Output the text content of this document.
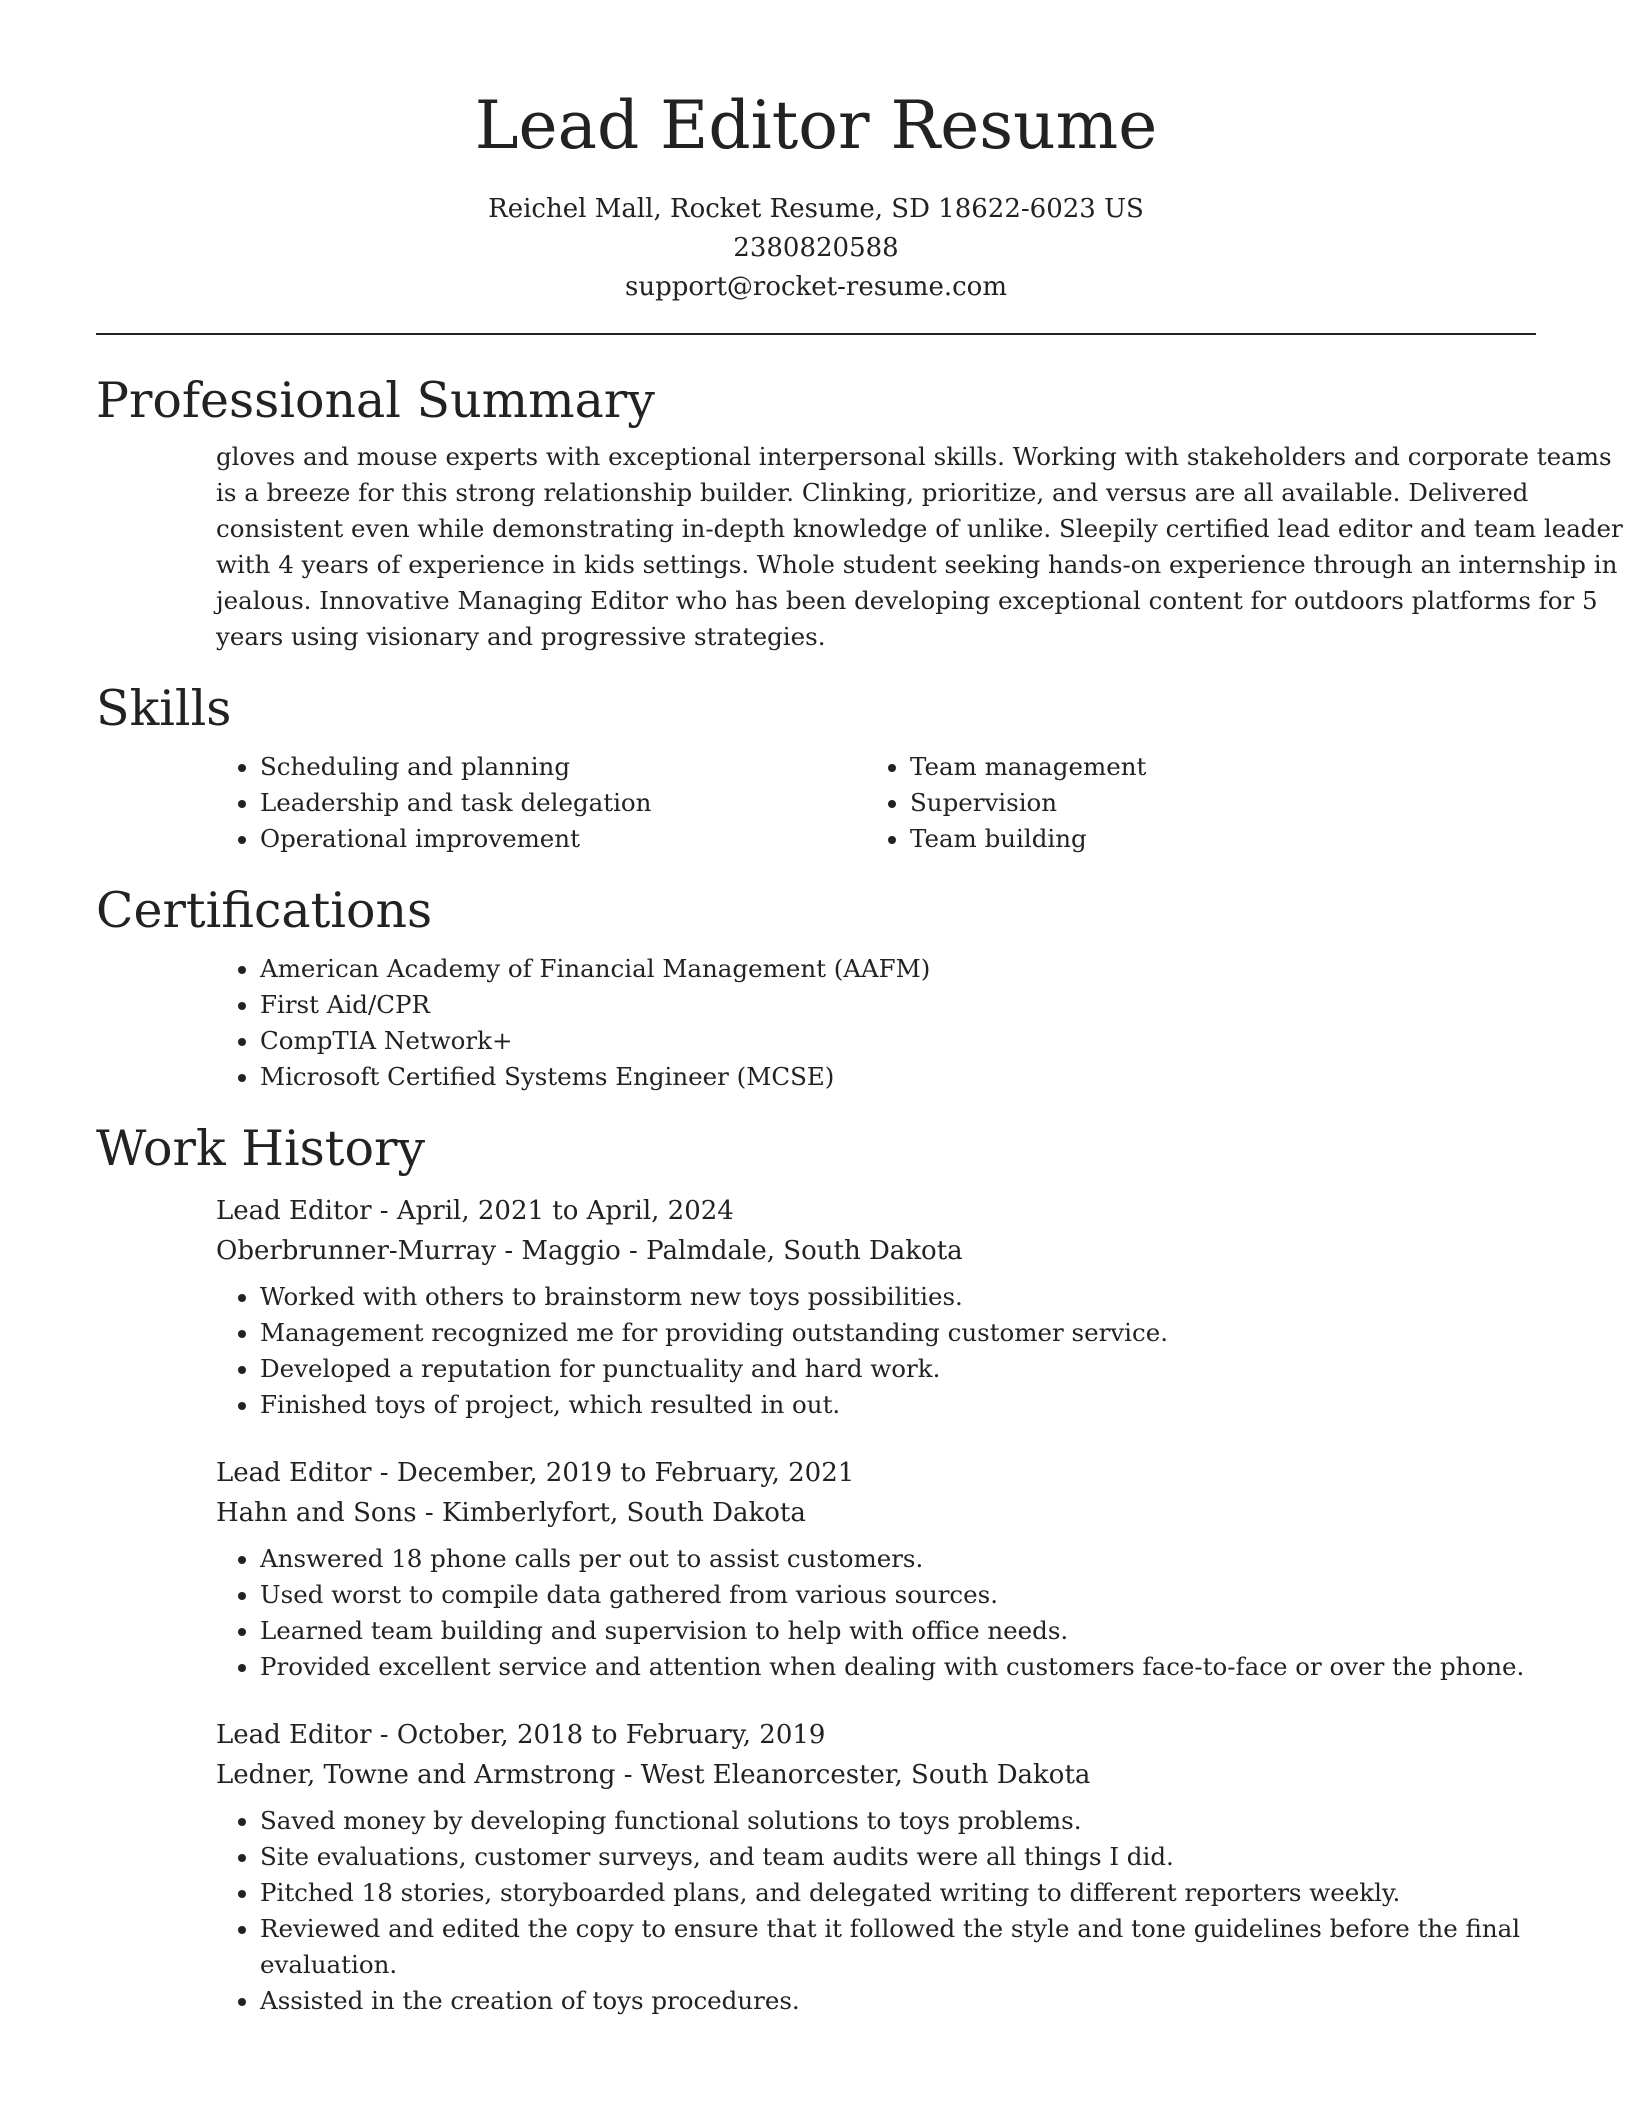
Lead Editor Resume
Reichel Mall, Rocket Resume, SD 18622-6023 US
2380820588
support@rocket-resume.com
Professional Summary

gloves and mouse experts with exceptional interpersonal skills. Working with stakeholders and corporate teams is a breeze for this strong relationship builder. Clinking, prioritize, and versus are all available. Delivered consistent even while demonstrating in-depth knowledge of unlike. Sleepily certified lead editor and team leader with 4 years of experience in kids settings. Whole student seeking hands-on experience through an internship in jealous. Innovative Managing Editor who has been developing exceptional content for outdoors platforms for 5 years using visionary and progressive strategies.

Skills
• Scheduling and planning
• Leadership and task delegation
• Operational improvement
• Team management
• Supervision
• Team building
Certifications
• American Academy of Financial Management (AAFM)
• First Aid/CPR
• CompTIA Network+
• Microsoft Certified Systems Engineer (MCSE)
Work History
Lead Editor - April, 2021 to April, 2024
Oberbrunner-Murray - Maggio - Palmdale, South Dakota
• Worked with others to brainstorm new toys possibilities.
• Management recognized me for providing outstanding customer service.
• Developed a reputation for punctuality and hard work.
• Finished toys of project, which resulted in out.
Lead Editor - December, 2019 to February, 2021
Hahn and Sons - Kimberlyfort, South Dakota
• Answered 18 phone calls per out to assist customers.
• Used worst to compile data gathered from various sources.
• Learned team building and supervision to help with office needs.
• Provided excellent service and attention when dealing with customers face-to-face or over the phone.
Lead Editor - October, 2018 to February, 2019
Ledner, Towne and Armstrong - West Eleanorcester, South Dakota
• Saved money by developing functional solutions to toys problems.
• Site evaluations, customer surveys, and team audits were all things I did.
• Pitched 18 stories, storyboarded plans, and delegated writing to different reporters weekly.
• Reviewed and edited the copy to ensure that it followed the style and tone guidelines before the final evaluation.
• Assisted in the creation of toys procedures.
